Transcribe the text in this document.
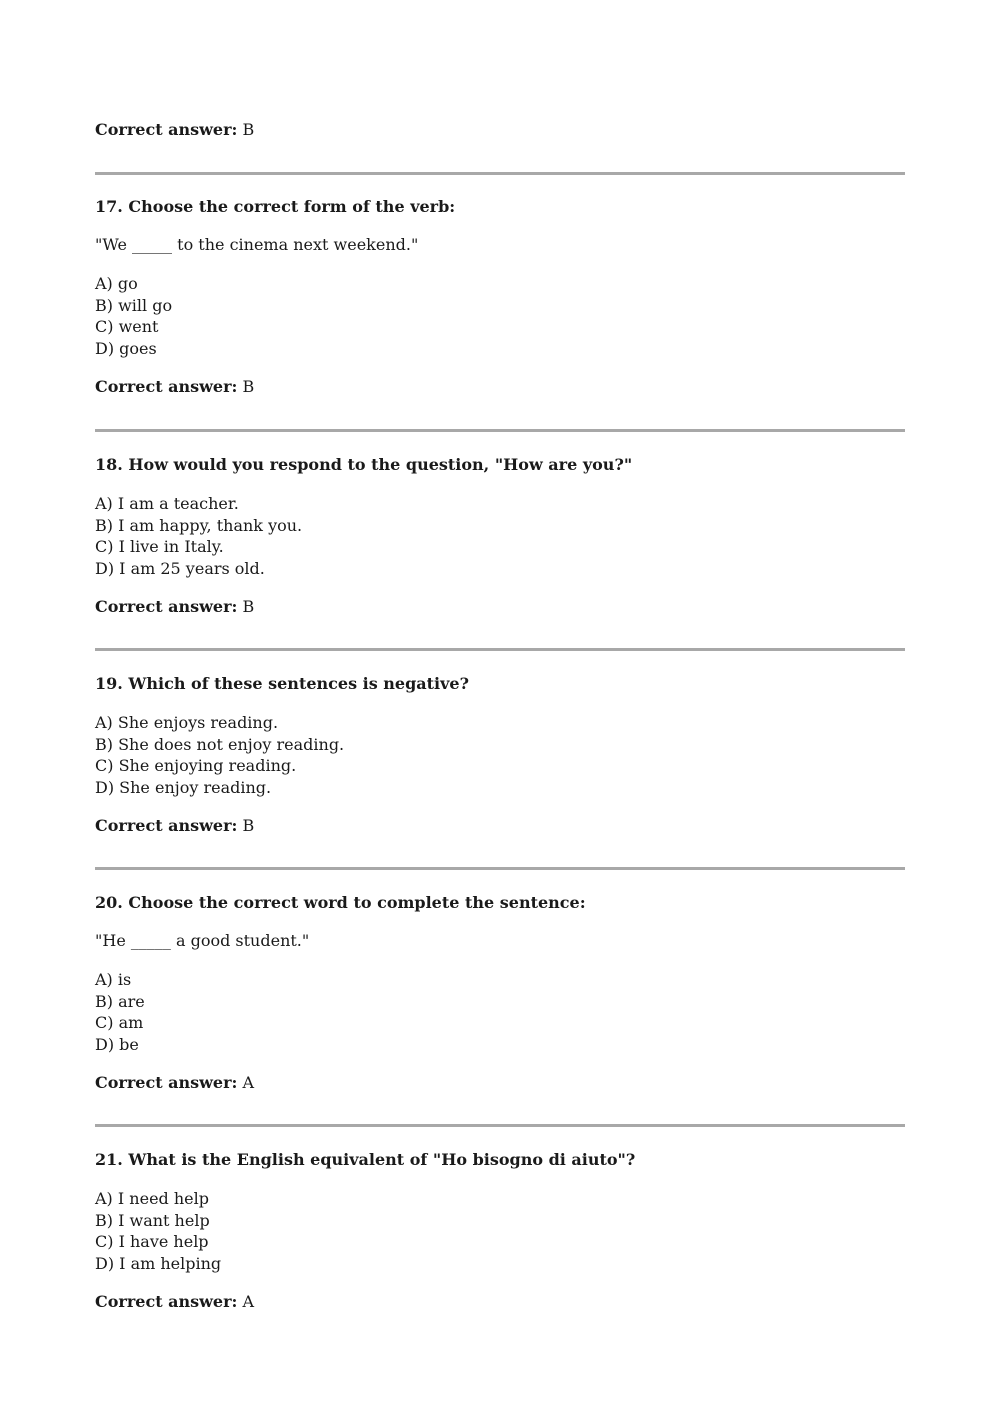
Correct answer: B

17. Choose the correct form of the verb:

"We _____ to the cinema next weekend."

A) go
B) will go
C) went
D) goes

Correct answer: B

18. How would you respond to the question, "How are you?"

A) I am a teacher.
B) I am happy, thank you.
C) I live in Italy.
D) I am 25 years old.

Correct answer: B

19. Which of these sentences is negative?

A) She enjoys reading.
B) She does not enjoy reading.
C) She enjoying reading.
D) She enjoy reading.

Correct answer: B

20. Choose the correct word to complete the sentence:

"He _____ a good student."

A) is
B) are
C) am
D) be

Correct answer: A

21. What is the English equivalent of "Ho bisogno di aiuto"?

A) I need help
B) I want help
C) I have help
D) I am helping

Correct answer: A
